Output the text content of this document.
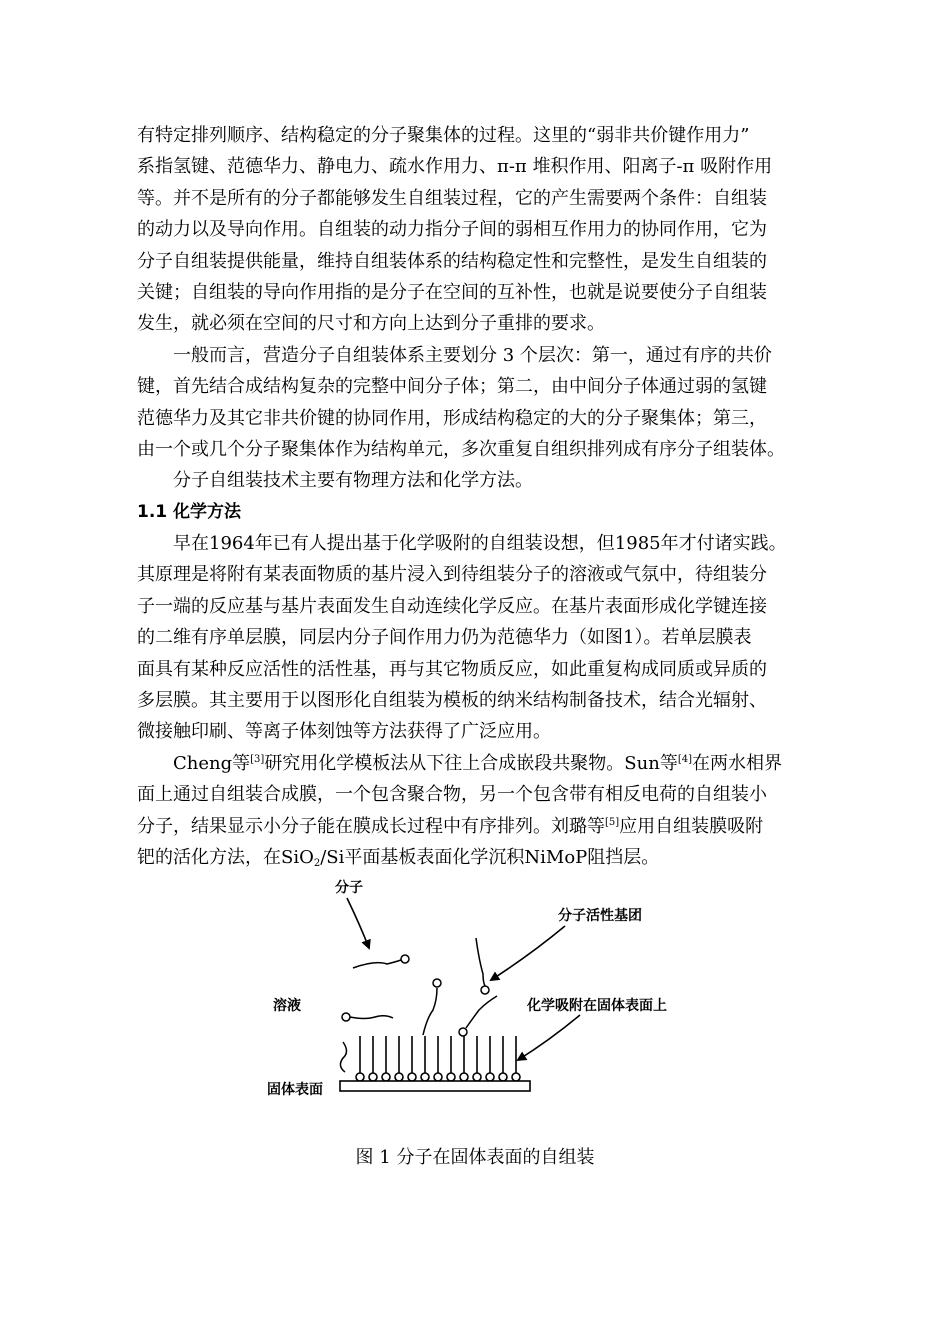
有特定排列顺序、结构稳定的分子聚集体的过程。这里的“弱非共价键作用力”
系指氢键、范德华力、静电力、疏水作用力、π-π 堆积作用、阳离子-π 吸附作用
等。并不是所有的分子都能够发生自组装过程，它的产生需要两个条件：自组装
的动力以及导向作用。自组装的动力指分子间的弱相互作用力的协同作用，它为
分子自组装提供能量，维持自组装体系的结构稳定性和完整性，是发生自组装的
关键；自组装的导向作用指的是分子在空间的互补性，也就是说要使分子自组装
发生，就必须在空间的尺寸和方向上达到分子重排的要求。
一般而言，营造分子自组装体系主要划分 3 个层次：第一，通过有序的共价
键，首先结合成结构复杂的完整中间分子体；第二，由中间分子体通过弱的氢键
范德华力及其它非共价键的协同作用，形成结构稳定的大的分子聚集体；第三，
由一个或几个分子聚集体作为结构单元，多次重复自组织排列成有序分子组装体。
分子自组装技术主要有物理方法和化学方法。
1.1 化学方法
早在1964年已有人提出基于化学吸附的自组装设想，但1985年才付诸实践。
其原理是将附有某表面物质的基片浸入到待组装分子的溶液或气氛中，待组装分
子一端的反应基与基片表面发生自动连续化学反应。在基片表面形成化学键连接
的二维有序单层膜，同层内分子间作用力仍为范德华力（如图1）。若单层膜表
面具有某种反应活性的活性基，再与其它物质反应，如此重复构成同质或异质的
多层膜。其主要用于以图形化自组装为模板的纳米结构制备技术，结合光辐射、
微接触印刷、等离子体刻蚀等方法获得了广泛应用。
Cheng等[3]研究用化学模板法从下往上合成嵌段共聚物。Sun等[4]在两水相界
面上通过自组装合成膜，一个包含聚合物，另一个包含带有相反电荷的自组装小
分子，结果显示小分子能在膜成长过程中有序排列。刘璐等[5]应用自组装膜吸附
钯的活化方法，在SiO$_2$/Si平面基板表面化学沉积NiMoP阻挡层。
分子
分子活性基团
溶液	化学吸附在固体表面上
固体表面
图 1 分子在固体表面的自组装
